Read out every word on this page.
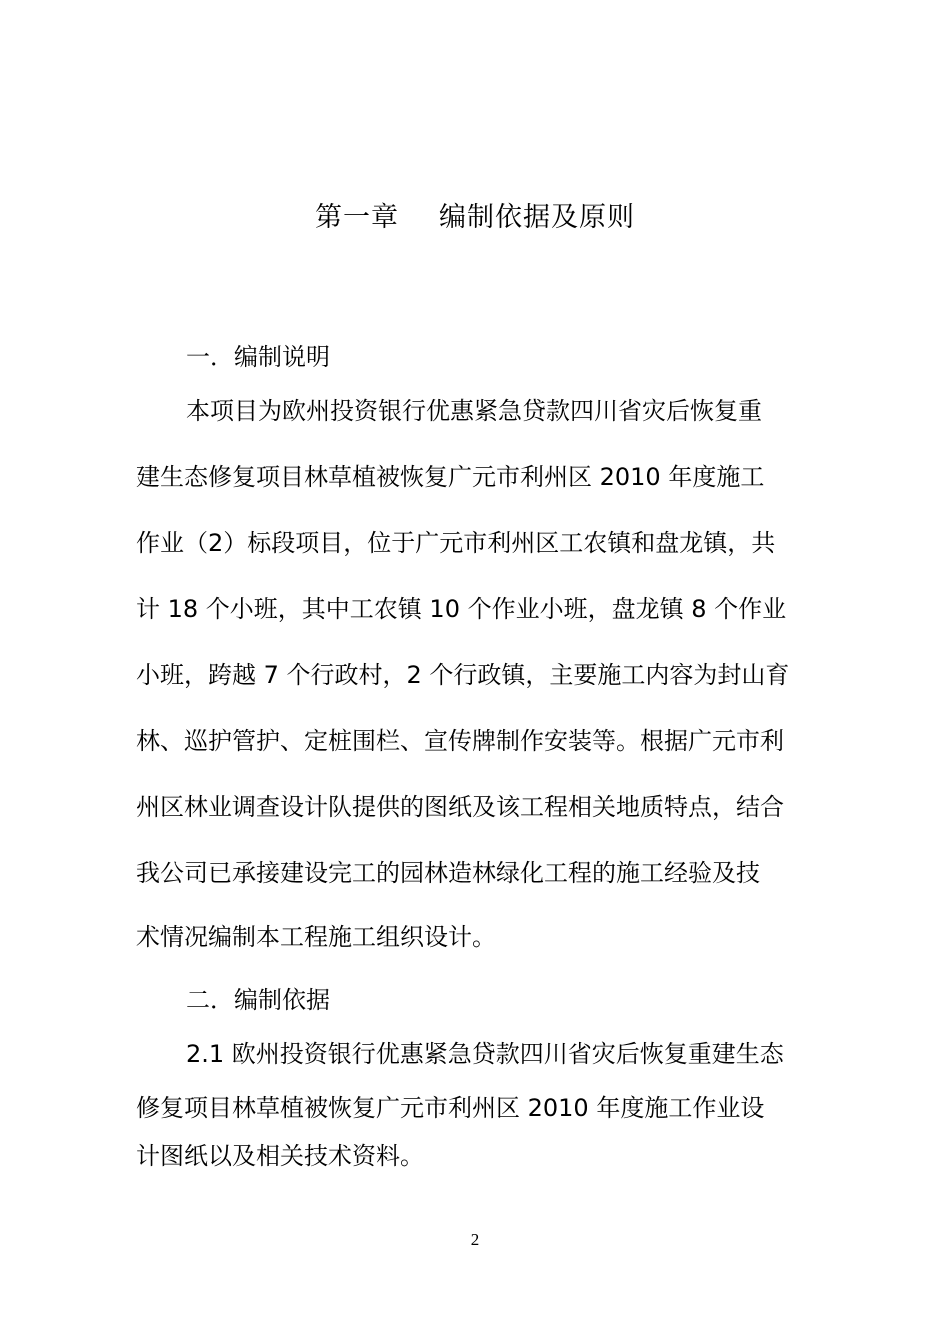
第一章 编制依据及原则
一．编制说明
本项目为欧州投资银行优惠紧急贷款四川省灾后恢复重
建生态修复项目林草植被恢复广元市利州区 2010 年度施工
作业（2）标段项目，位于广元市利州区工农镇和盘龙镇，共
计 18 个小班，其中工农镇 10 个作业小班，盘龙镇 8 个作业
小班，跨越 7 个行政村，2 个行政镇，主要施工内容为封山育
林、巡护管护、定桩围栏、宣传牌制作安装等。根据广元市利
州区林业调查设计队提供的图纸及该工程相关地质特点，结合
我公司已承接建设完工的园林造林绿化工程的施工经验及技
术情况编制本工程施工组织设计。
二．编制依据
2.1 欧州投资银行优惠紧急贷款四川省灾后恢复重建生态
修复项目林草植被恢复广元市利州区 2010 年度施工作业设
计图纸以及相关技术资料。
2
